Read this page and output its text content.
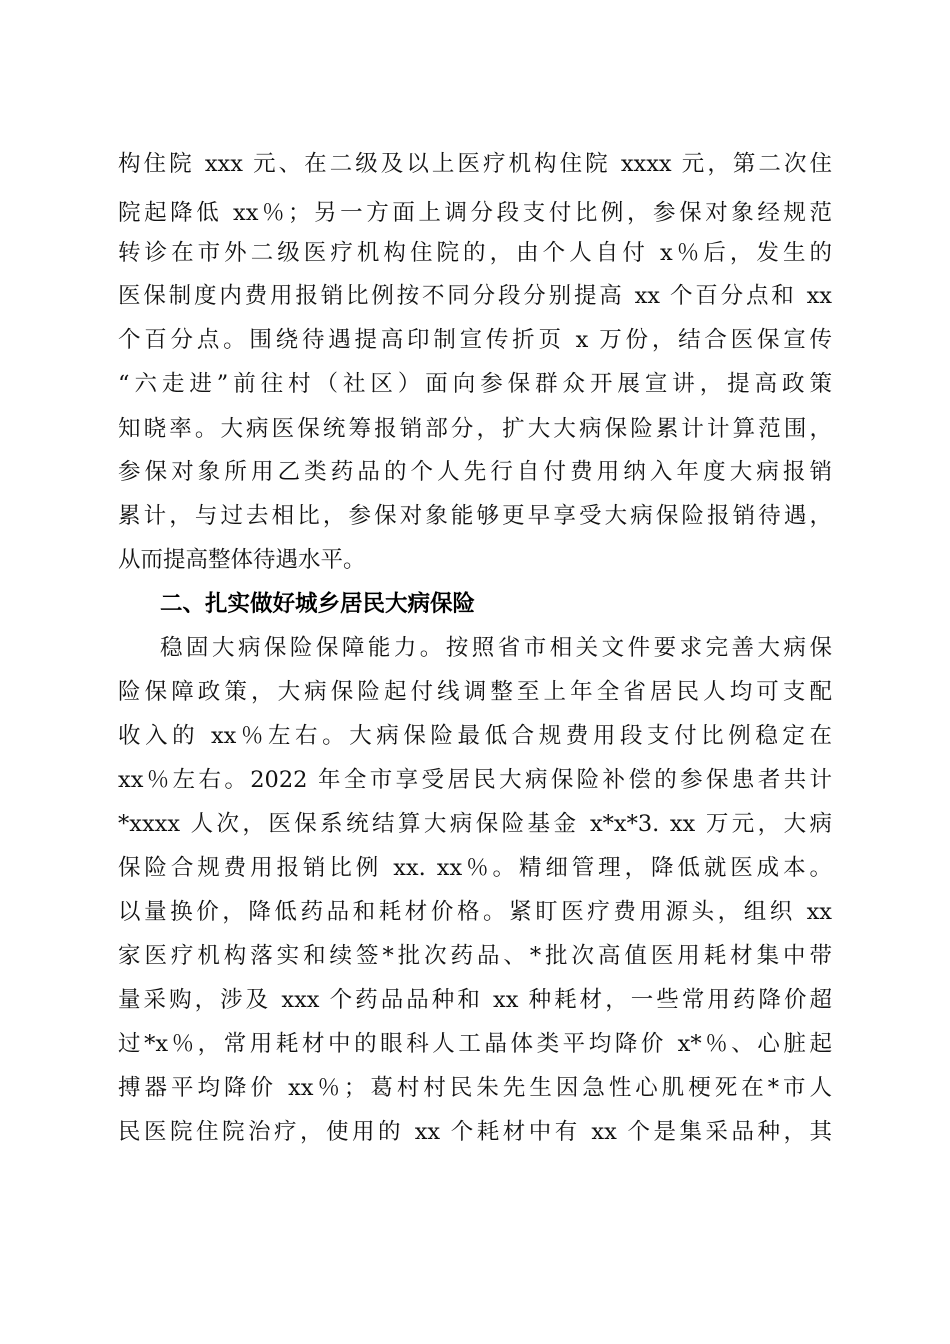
构住院 xxx 元、在二级及以上医疗机构住院 xxxx 元，第二次住
院起降低 xx％；另一方面上调分段支付比例，参保对象经规范
转诊在市外二级医疗机构住院的，由个人自付 x％后，发生的
医保制度内费用报销比例按不同分段分别提高 xx 个百分点和 xx
个百分点。围绕待遇提高印制宣传折页 x 万份，结合医保宣传
“六走进”前往村（社区）面向参保群众开展宣讲，提高政策
知晓率。大病医保统筹报销部分，扩大大病保险累计计算范围，
参保对象所用乙类药品的个人先行自付费用纳入年度大病报销
累计，与过去相比，参保对象能够更早享受大病保险报销待遇，
从而提高整体待遇水平。
二、扎实做好城乡居民大病保险
稳固大病保险保障能力。按照省市相关文件要求完善大病保
险保障政策，大病保险起付线调整至上年全省居民人均可支配
收入的 xx％左右。大病保险最低合规费用段支付比例稳定在
xx％左右。2022 年全市享受居民大病保险补偿的参保患者共计
*xxxx 人次，医保系统结算大病保险基金 x*x*3. xx 万元，大病
保险合规费用报销比例 xx. xx％。精细管理，降低就医成本。
以量换价，降低药品和耗材价格。紧盯医疗费用源头，组织 xx
家医疗机构落实和续签*批次药品、*批次高值医用耗材集中带
量采购，涉及 xxx 个药品品种和 xx 种耗材，一些常用药降价超
过*x％，常用耗材中的眼科人工晶体类平均降价 x*％、心脏起
搏器平均降价 xx％；葛村村民朱先生因急性心肌梗死在*市人
民医院住院治疗，使用的 xx 个耗材中有 xx 个是集采品种，其
